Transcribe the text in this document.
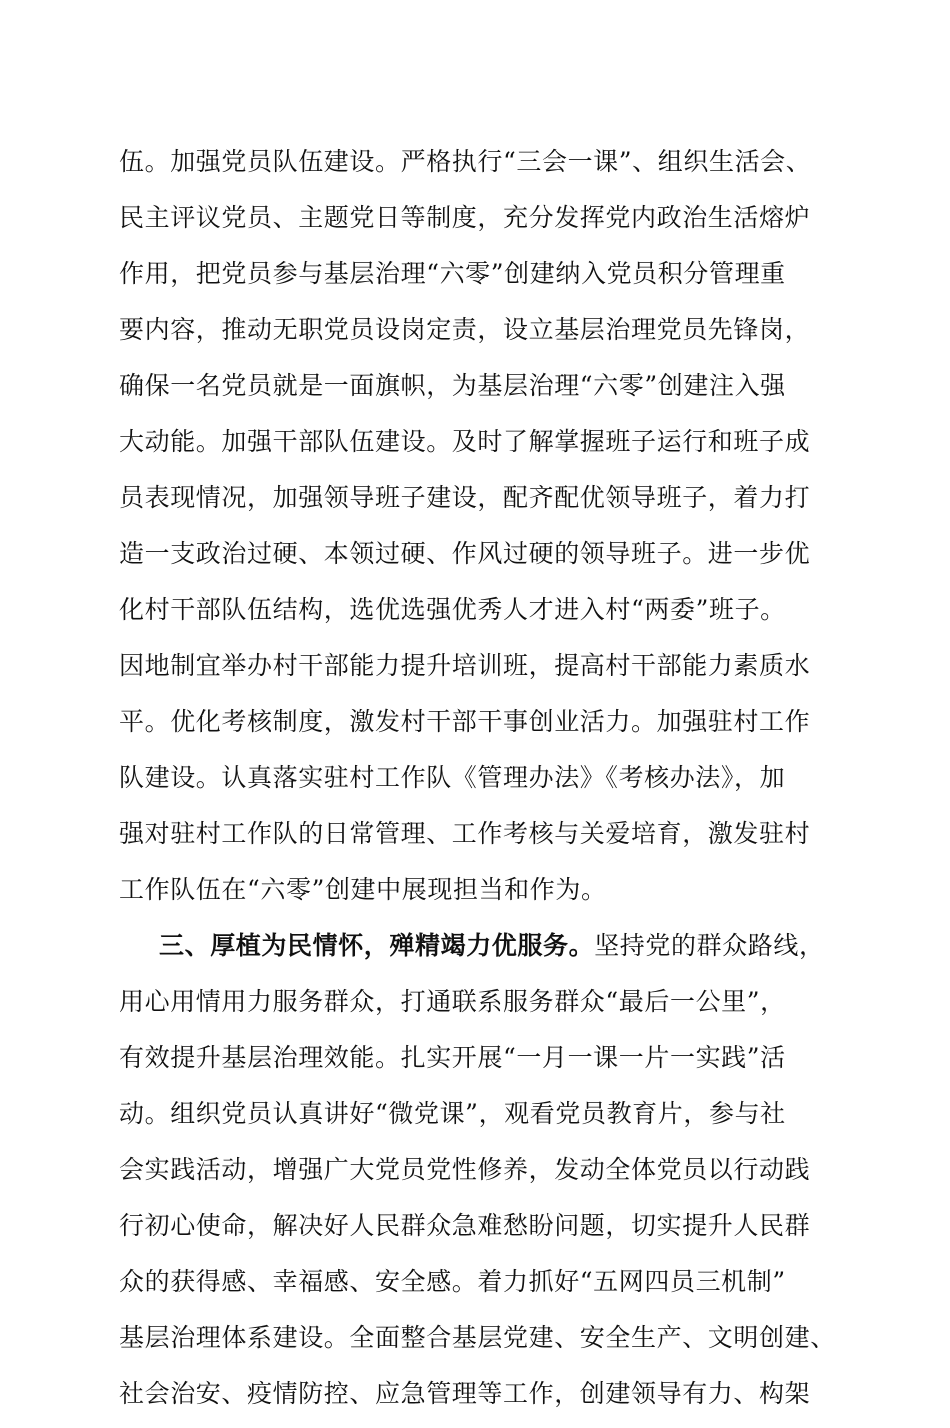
伍。加强党员队伍建设。严格执行“三会一课”、组织生活会、
民主评议党员、主题党日等制度，充分发挥党内政治生活熔炉
作用，把党员参与基层治理“六零”创建纳入党员积分管理重
要内容，推动无职党员设岗定责，设立基层治理党员先锋岗，
确保一名党员就是一面旗帜，为基层治理“六零”创建注入强
大动能。加强干部队伍建设。及时了解掌握班子运行和班子成
员表现情况，加强领导班子建设，配齐配优领导班子，着力打
造一支政治过硬、本领过硬、作风过硬的领导班子。进一步优
化村干部队伍结构，选优选强优秀人才进入村“两委”班子。
因地制宜举办村干部能力提升培训班，提高村干部能力素质水
平。优化考核制度，激发村干部干事创业活力。加强驻村工作
队建设。认真落实驻村工作队《管理办法》《考核办法》，加
强对驻村工作队的日常管理、工作考核与关爱培育，激发驻村
工作队伍在“六零”创建中展现担当和作为。
三、厚植为民情怀，殚精竭力优服务。坚持党的群众路线，
用心用情用力服务群众，打通联系服务群众“最后一公里”，
有效提升基层治理效能。扎实开展“一月一课一片一实践”活
动。组织党员认真讲好“微党课”，观看党员教育片，参与社
会实践活动，增强广大党员党性修养，发动全体党员以行动践
行初心使命，解决好人民群众急难愁盼问题，切实提升人民群
众的获得感、幸福感、安全感。着力抓好“五网四员三机制”
基层治理体系建设。全面整合基层党建、安全生产、文明创建、
社会治安、疫情防控、应急管理等工作，创建领导有力、构架
